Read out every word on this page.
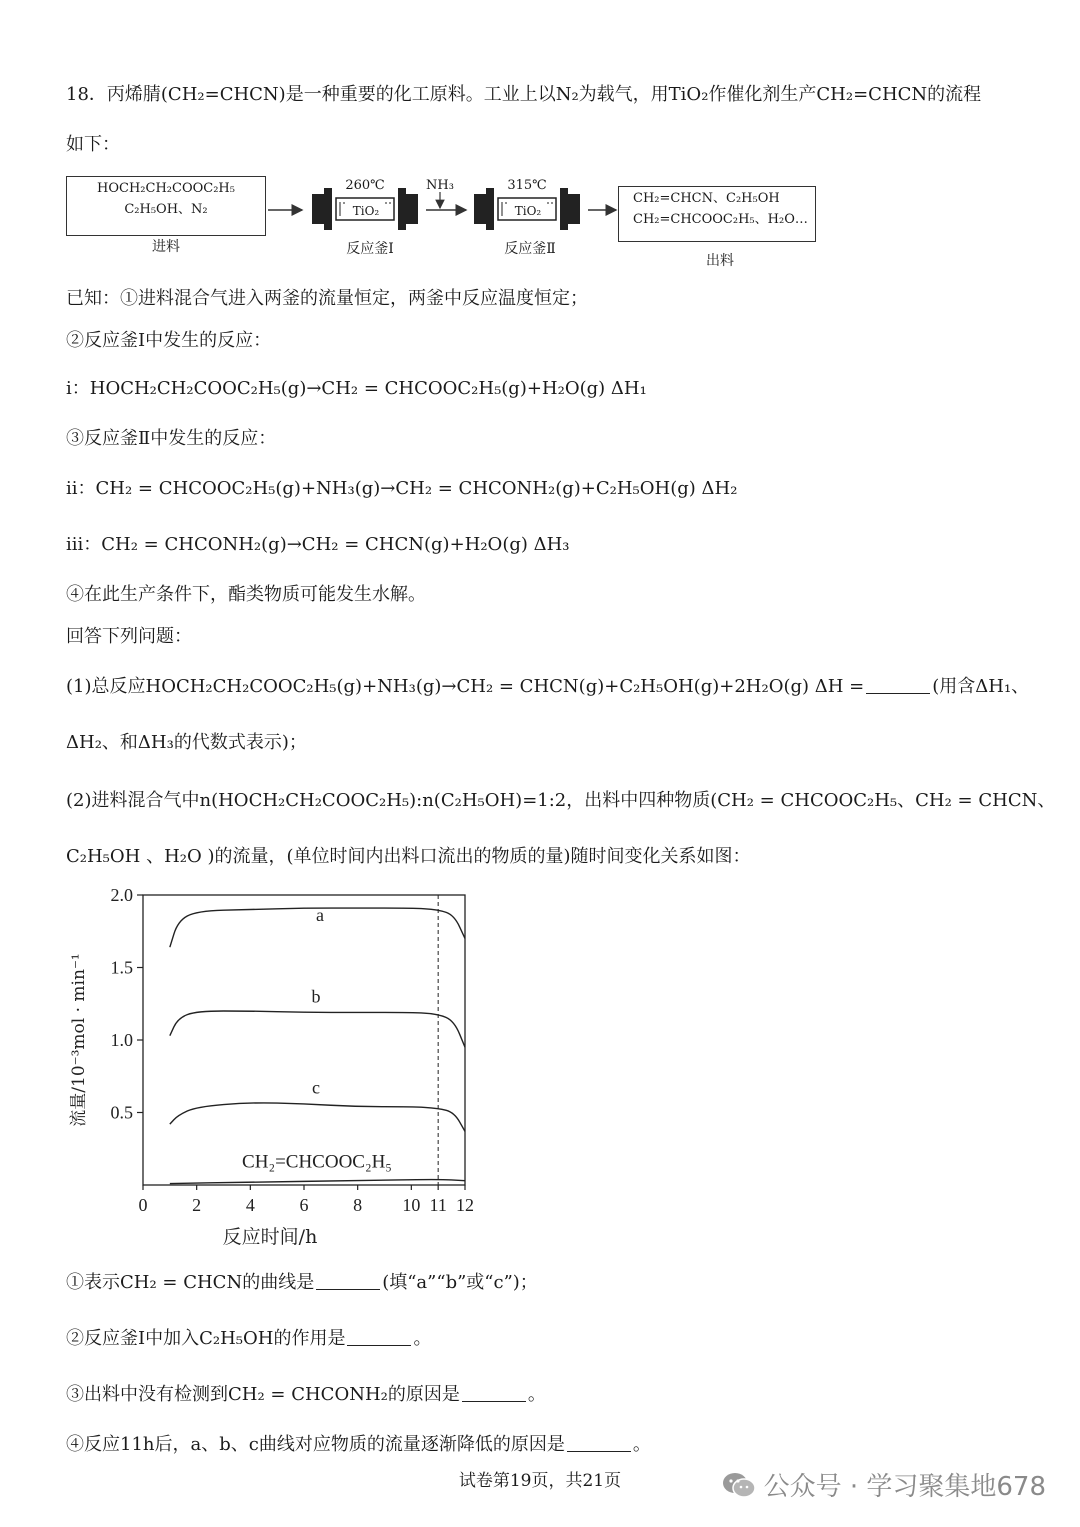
18．丙烯腈(CH₂=CHCN)是一种重要的化工原料。工业上以N₂为载气，用TiO₂作催化剂生产CH₂=CHCN的流程
如下：
HOCH₂CH₂COOC₂H₅
C₂H₅OH、N₂
进料
260℃
TiO₂
反应釜Ⅰ
NH₃	315℃
TiO₂
反应釜Ⅱ
CH₂=CHCN、C₂H₅OH
CH₂=CHCOOC₂H₅、H₂O…
出料
已知：①进料混合气进入两釜的流量恒定，两釜中反应温度恒定；
②反应釜Ⅰ中发生的反应：
ⅰ：HOCH₂CH₂COOC₂H₅(g)→CH₂ = CHCOOC₂H₅(g)+H₂O(g) ΔH₁
③反应釜Ⅱ中发生的反应：
ⅱ：CH₂ = CHCOOC₂H₅(g)+NH₃(g)→CH₂ = CHCONH₂(g)+C₂H₅OH(g) ΔH₂
ⅲ：CH₂ = CHCONH₂(g)→CH₂ = CHCN(g)+H₂O(g) ΔH₃
④在此生产条件下，酯类物质可能发生水解。
回答下列问题：
(1)总反应HOCH₂CH₂COOC₂H₅(g)+NH₃(g)→CH₂ = CHCN(g)+C₂H₅OH(g)+2H₂O(g) ΔH =	(用含ΔH₁、
ΔH₂、和ΔH₃的代数式表示)；
(2)进料混合气中n(HOCH₂CH₂COOC₂H₅):n(C₂H₅OH)=1:2，出料中四种物质(CH₂ = CHCOOC₂H₅、CH₂ = CHCN、
C₂H₅OH 、H₂O )的流量，(单位时间内出料口流出的物质的量)随时间变化关系如图：
0.5
1.0
1.5
2.0
0 2 4 6 8 10 11 12
反应时间/h
流量/10⁻³mol · min⁻¹
a
b
c
CH₂=CHCOOC₂H₅
①表示CH₂ = CHCN的曲线是	(填“a”“b”或“c”)；
②反应釜Ⅰ中加入C₂H₅OH的作用是	。
③出料中没有检测到CH₂ = CHCONH₂的原因是	。
④反应11h后，a、b、c曲线对应物质的流量逐渐降低的原因是	。
试卷第19页，共21页	公众号 · 学习聚集地678
